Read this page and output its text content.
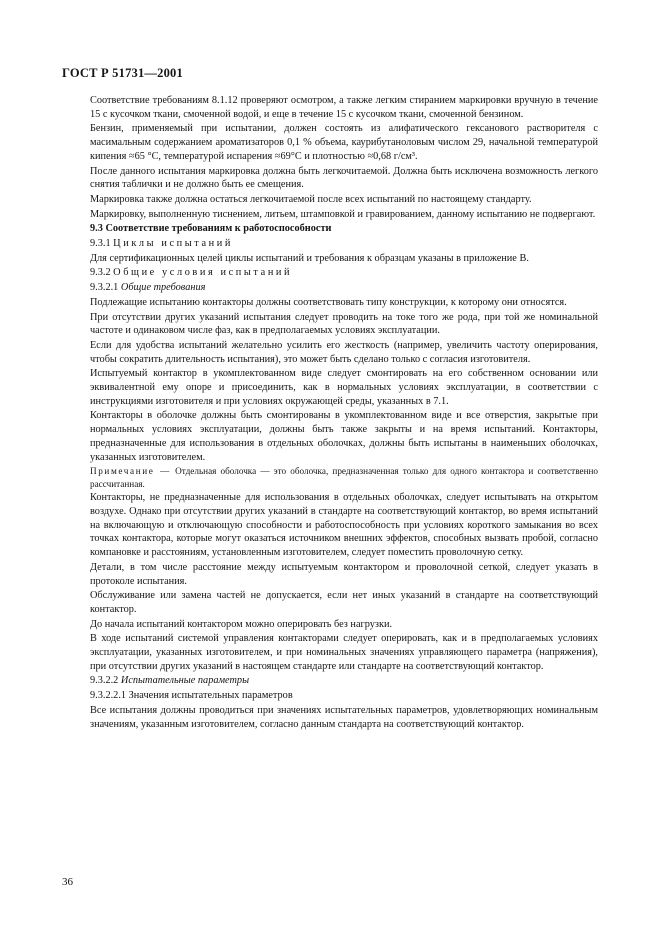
ГОСТ Р 51731—2001

Соответствие требованиям 8.1.12 проверяют осмотром, а также легким стиранием маркировки вручную в течение 15 с кусочком ткани, смоченной водой, и еще в течение 15 с кусочком ткани, смоченной бензином.

Бензин, применяемый при испытании, должен состоять из алифатического гексанового растворителя с масимальным содержанием ароматизаторов 0,1 % объема, каурибутаноловым числом 29, начальной температурой кипения ≈65 °С, температурой испарения ≈69°С и плотностью ≈0,68 г/см³.

После данного испытания маркировка должна быть легкочитаемой. Должна быть исключена возможность легкого снятия таблички и не должно быть ее смещения.

Маркировка также должна остаться легкочитаемой после всех испытаний по настоящему стандарту.

Маркировку, выполненную тиснением, литьем, штамповкой и гравированием, данному испытанию не подвергают.

9.3 Соответствие требованиям к работоспособности

9.3.1 Циклы испытаний

Для сертификационных целей циклы испытаний и требования к образцам указаны в приложение В.

9.3.2 Общие условия испытаний

9.3.2.1 Общие требования

Подлежащие испытанию контакторы должны соответствовать типу конструкции, к которому они относятся.

При отсутствии других указаний испытания следует проводить на токе того же рода, при той же номинальной частоте и одинаковом числе фаз, как в предполагаемых условиях эксплуатации.

Если для удобства испытаний желательно усилить его жесткость (например, увеличить частоту оперирования, чтобы сократить длительность испытания), это может быть сделано только с согласия изготовителя.

Испытуемый контактор в укомплектованном виде следует смонтировать на его собственном основании или эквивалентной ему опоре и присоединить, как в нормальных условиях эксплуатации, в соответствии с инструкциями изготовителя и при условиях окружающей среды, указанных в 7.1.

Контакторы в оболочке должны быть смонтированы в укомплектованном виде и все отверстия, закрытые при нормальных условиях эксплуатации, должны быть также закрыты и на время испытаний. Контакторы, предназначенные для использования в отдельных оболочках, должны быть испытаны в наименьших оболочках, указанных изготовителем.

Примечание — Отдельная оболочка — это оболочка, предназначенная только для одного контактора и соответственно рассчитанная.

Контакторы, не предназначенные для использования в отдельных оболочках, следует испытывать на открытом воздухе. Однако при отсутствии других указаний в стандарте на соответствующий контактор, во время испытаний на включающую и отключающую способности и работоспособность при условиях короткого замыкания во всех точках контактора, которые могут оказаться источником внешних эффектов, способных вызвать пробой, согласно компановке и расстояниям, установленным изготовителем, следует поместить проволочную сетку.

Детали, в том числе расстояние между испытуемым контактором и проволочной сеткой, следует указать в протоколе испытания.

Обслуживание или замена частей не допускается, если нет иных указаний в стандарте на соответствующий контактор.

До начала испытаний контактором можно оперировать без нагрузки.

В ходе испытаний системой управления контакторами следует оперировать, как и в предполагаемых условиях эксплуатации, указанных изготовителем, и при номинальных значениях управляющего параметра (напряжения), при отсутствии других указаний в настоящем стандарте или стандарте на соответствующий контактор.

9.3.2.2 Испытательные параметры

9.3.2.2.1 Значения испытательных параметров

Все испытания должны проводиться при значениях испытательных параметров, удовлетворяющих номинальным значениям, указанным изготовителем, согласно данным стандарта на соответствующий контактор.

36
